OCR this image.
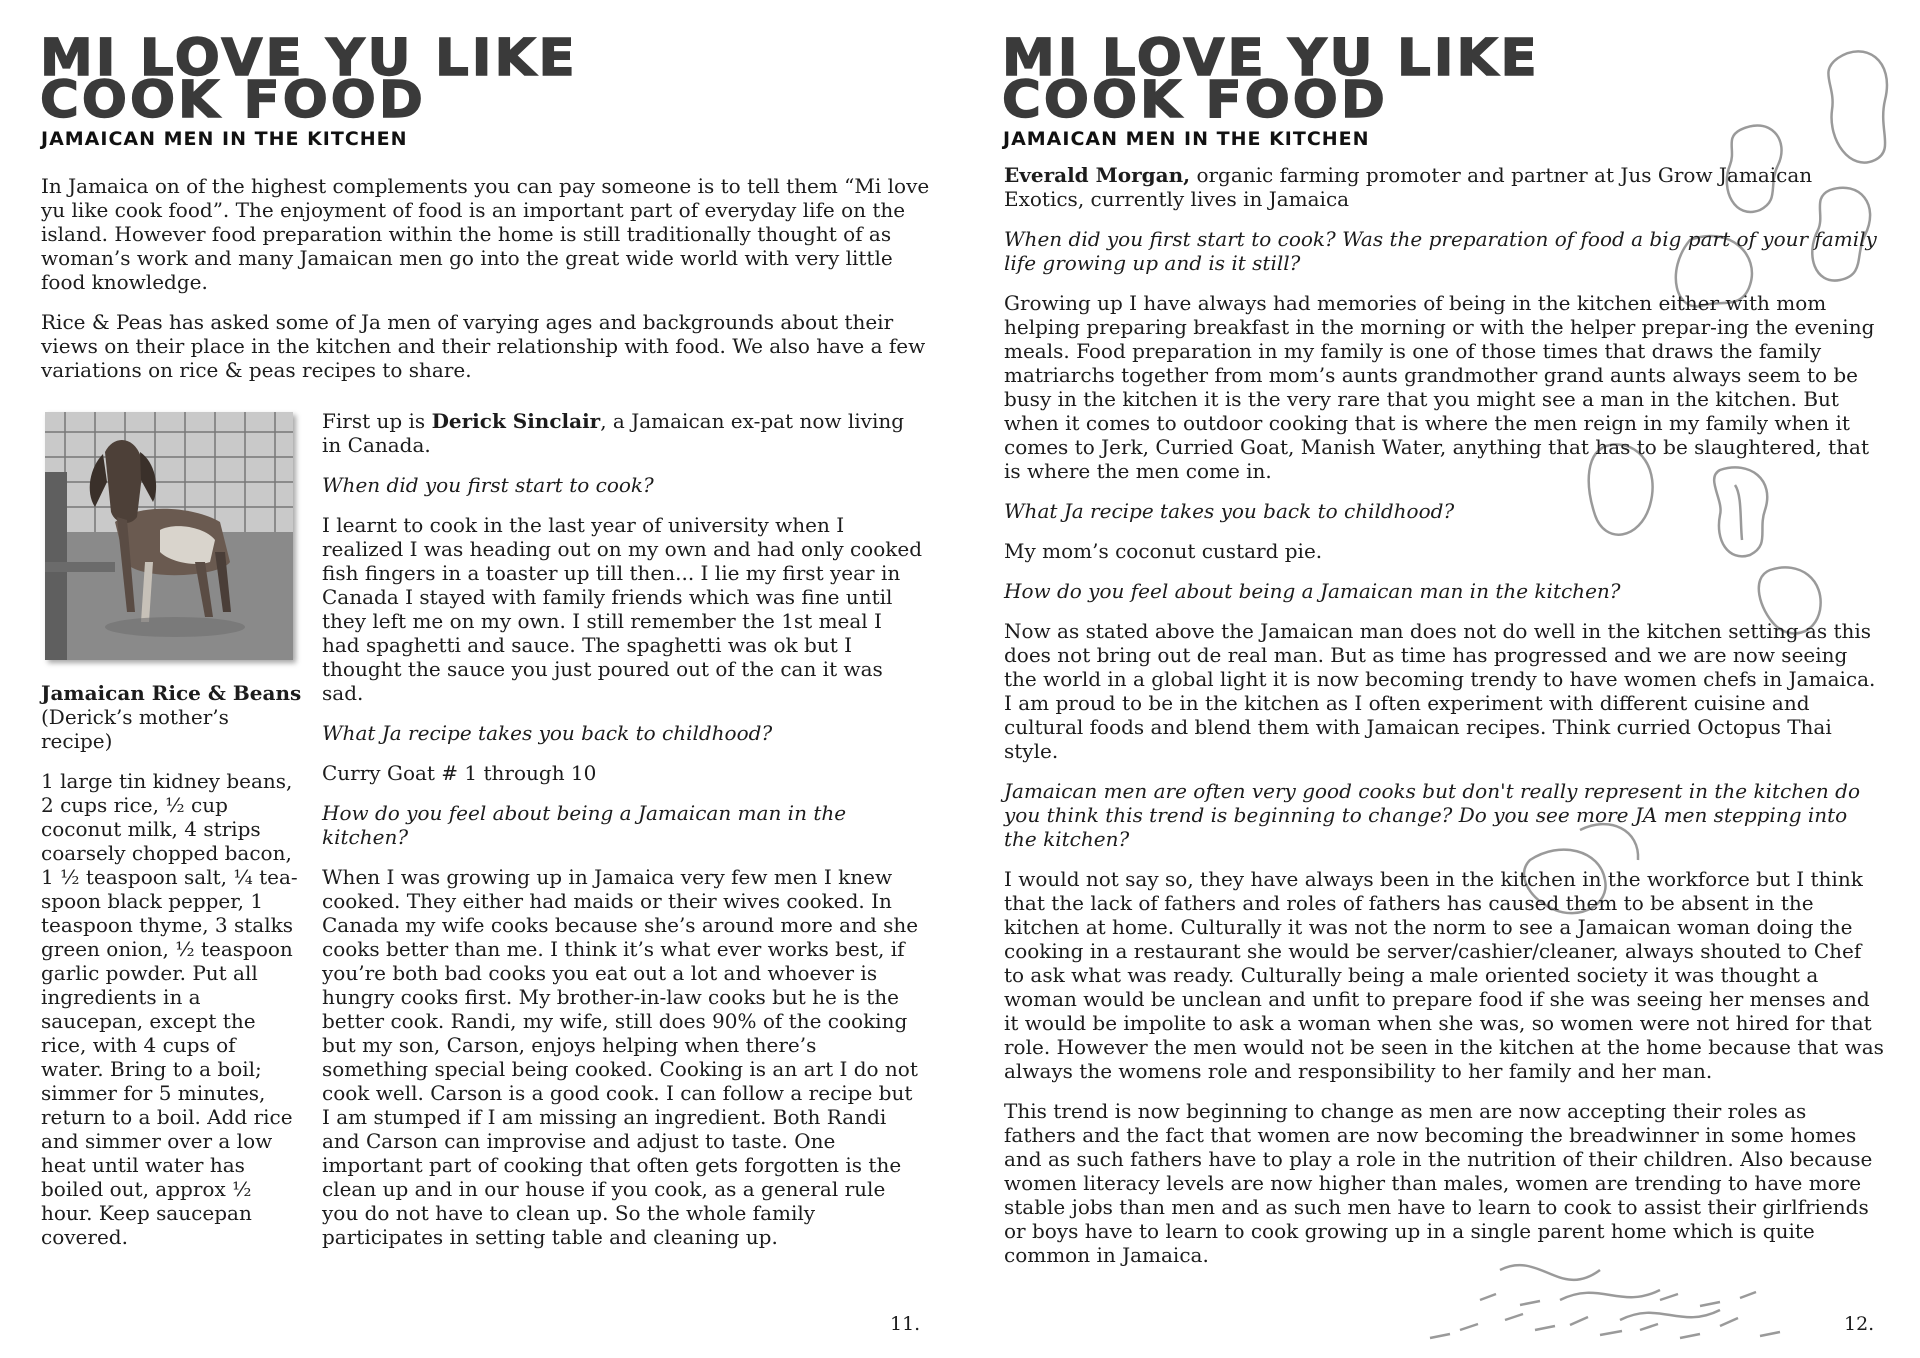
MI LOVE YU LIKE
COOK FOOD
JAMAICAN MEN IN THE KITCHEN

In Jamaica on of the highest complements you can pay someone is to tell them “Mi love yu like cook food”. The enjoyment of food is an important part of everyday life on the island. However food preparation within the home is still traditionally thought of as woman’s work and many Jamaican men go into the great wide world with very little food knowledge.

Rice & Peas has asked some of Ja men of varying ages and backgrounds about their views on their place in the kitchen and their relationship with food. We also have a few variations on rice & peas recipes to share.

Jamaican Rice & Beans (Derick’s mother’s recipe)

1 large tin kidney beans, 2 cups rice, ½ cup coconut milk, 4 strips coarsely chopped bacon, 1 ½ teaspoon salt, ¼ tea-spoon black pepper, 1 teaspoon thyme, 3 stalks green onion, ½ teaspoon garlic powder. Put all ingredients in a saucepan, except the rice, with 4 cups of water. Bring to a boil; simmer for 5 minutes, return to a boil. Add rice and simmer over a low heat until water has boiled out, approx ½ hour. Keep saucepan covered.

First up is Derick Sinclair, a Jamaican ex-pat now living in Canada.

When did you first start to cook?

I learnt to cook in the last year of university when I realized I was heading out on my own and had only cooked fish fingers in a toaster up till then... I lie my first year in Canada I stayed with family friends which was fine until they left me on my own. I still remember the 1st meal I had spaghetti and sauce. The spaghetti was ok but I thought the sauce you just poured out of the can it was sad.

What Ja recipe takes you back to childhood?

Curry Goat # 1 through 10

How do you feel about being a Jamaican man in the kitchen?

When I was growing up in Jamaica very few men I knew cooked. They either had maids or their wives cooked. In Canada my wife cooks because she’s around more and she cooks better than me. I think it’s what ever works best, if you’re both bad cooks you eat out a lot and whoever is hungry cooks first. My brother-in-law cooks but he is the better cook. Randi, my wife, still does 90% of the cooking but my son, Carson, enjoys helping when there’s something special being cooked. Cooking is an art I do not cook well. Carson is a good cook. I can follow a recipe but I am stumped if I am missing an ingredient. Both Randi and Carson can improvise and adjust to taste. One important part of cooking that often gets forgotten is the clean up and in our house if you cook, as a general rule you do not have to clean up. So the whole family participates in setting table and cleaning up.

11.
MI LOVE YU LIKE
COOK FOOD
JAMAICAN MEN IN THE KITCHEN

Everald Morgan, organic farming promoter and partner at Jus Grow Jamaican Exotics, currently lives in Jamaica

When did you first start to cook? Was the preparation of food a big part of your family life growing up and is it still?

Growing up I have always had memories of being in the kitchen either with mom helping preparing breakfast in the morning or with the helper prepar-ing the evening meals. Food preparation in my family is one of those times that draws the family matriarchs together from mom’s aunts grandmother grand aunts always seem to be busy in the kitchen it is the very rare that you might see a man in the kitchen. But when it comes to outdoor cooking that is where the men reign in my family when it comes to Jerk, Curried Goat, Manish Water, anything that has to be slaughtered, that is where the men come in.

What Ja recipe takes you back to childhood?

My mom’s coconut custard pie.

How do you feel about being a Jamaican man in the kitchen?

Now as stated above the Jamaican man does not do well in the kitchen setting as this does not bring out de real man. But as time has progressed and we are now seeing the world in a global light it is now becoming trendy to have women chefs in Jamaica. I am proud to be in the kitchen as I often experiment with different cuisine and cultural foods and blend them with Jamaican recipes. Think curried Octopus Thai style.

Jamaican men are often very good cooks but don't really represent in the kitchen do you think this trend is beginning to change? Do you see more JA men stepping into the kitchen?

I would not say so, they have always been in the kitchen in the workforce but I think that the lack of fathers and roles of fathers has caused them to be absent in the kitchen at home. Culturally it was not the norm to see a Jamaican woman doing the cooking in a restaurant she would be server/cashier/cleaner, always shouted to Chef to ask what was ready. Culturally being a male oriented society it was thought a woman would be unclean and unfit to prepare food if she was seeing her menses and it would be impolite to ask a woman when she was, so women were not hired for that role. However the men would not be seen in the kitchen at the home because that was always the womens role and responsibility to her family and her man.

This trend is now beginning to change as men are now accepting their roles as fathers and the fact that women are now becoming the breadwinner in some homes and as such fathers have to play a role in the nutrition of their children. Also because women literacy levels are now higher than males, women are trending to have more stable jobs than men and as such men have to learn to cook to assist their girlfriends or boys have to learn to cook growing up in a single parent home which is quite common in Jamaica.

12.
